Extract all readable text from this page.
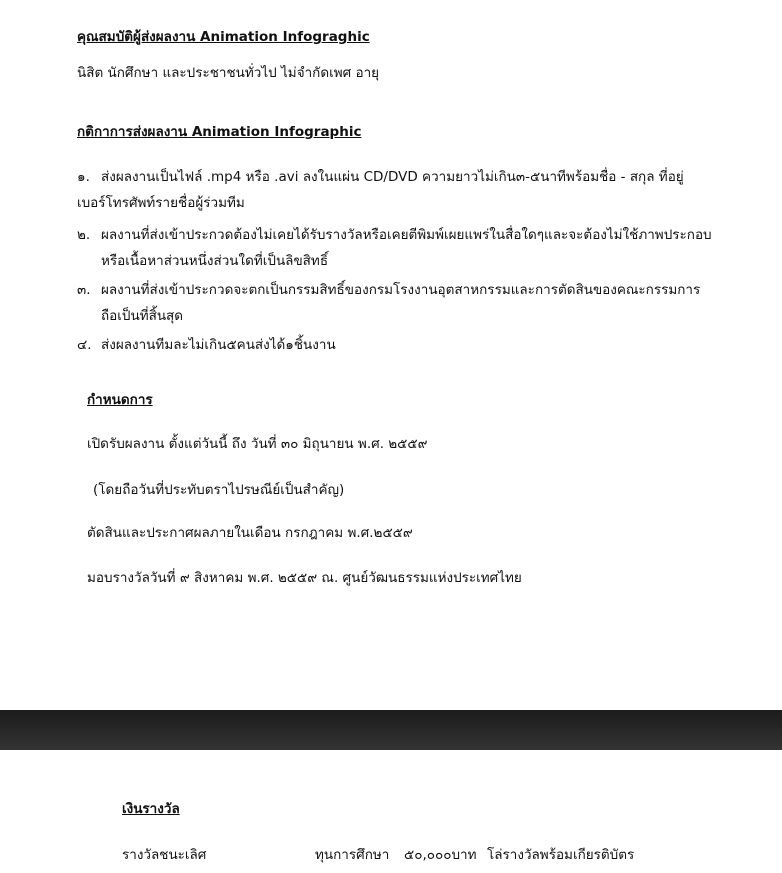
คุณสมบัติผู้ส่งผลงาน Animation Infograghic
นิสิต นักศึกษา และประชาชนทั่วไป ไม่จำกัดเพศ อายุ
กติกาการส่งผลงาน Animation Infographic
๑. ส่งผลงานเป็นไฟล์ .mp4 หรือ .avi ลงในแผ่น CD/DVD ความยาวไม่เกิน๓-๕นาทีพร้อมชื่อ - สกุล ที่อยู่
เบอร์โทรศัพท์รายชื่อผู้ร่วมทีม
๒. ผลงานที่ส่งเข้าประกวดต้องไม่เคยได้รับรางวัลหรือเคยตีพิมพ์เผยแพร่ในสื่อใดๆและจะต้องไม่ใช้ภาพประกอบ
หรือเนื้อหาส่วนหนึ่งส่วนใดที่เป็นลิขสิทธิ์
๓. ผลงานที่ส่งเข้าประกวดจะตกเป็นกรรมสิทธิ์ของกรมโรงงานอุตสาหกรรมและการตัดสินของคณะกรรมการ
ถือเป็นที่สิ้นสุด
๔. ส่งผลงานทีมละไม่เกิน๕คนส่งได้๑ชิ้นงาน
กำหนดการ
เปิดรับผลงาน ตั้งแต่วันนี้ ถึง วันที่ ๓๐ มิถุนายน พ.ศ. ๒๕๕๙
(โดยถือวันที่ประทับตราไปรษณีย์เป็นสำคัญ)
ตัดสินและประกาศผลภายในเดือน กรกฎาคม พ.ศ.๒๕๕๙
มอบรางวัลวันที่ ๙ สิงหาคม พ.ศ. ๒๕๕๙ ณ. ศูนย์วัฒนธรรมแห่งประเทศไทย
เงินรางวัล
รางวัลชนะเลิศ	ทุนการศึกษา ๕๐,๐๐๐บาท โล่รางวัลพร้อมเกียรติบัตร
